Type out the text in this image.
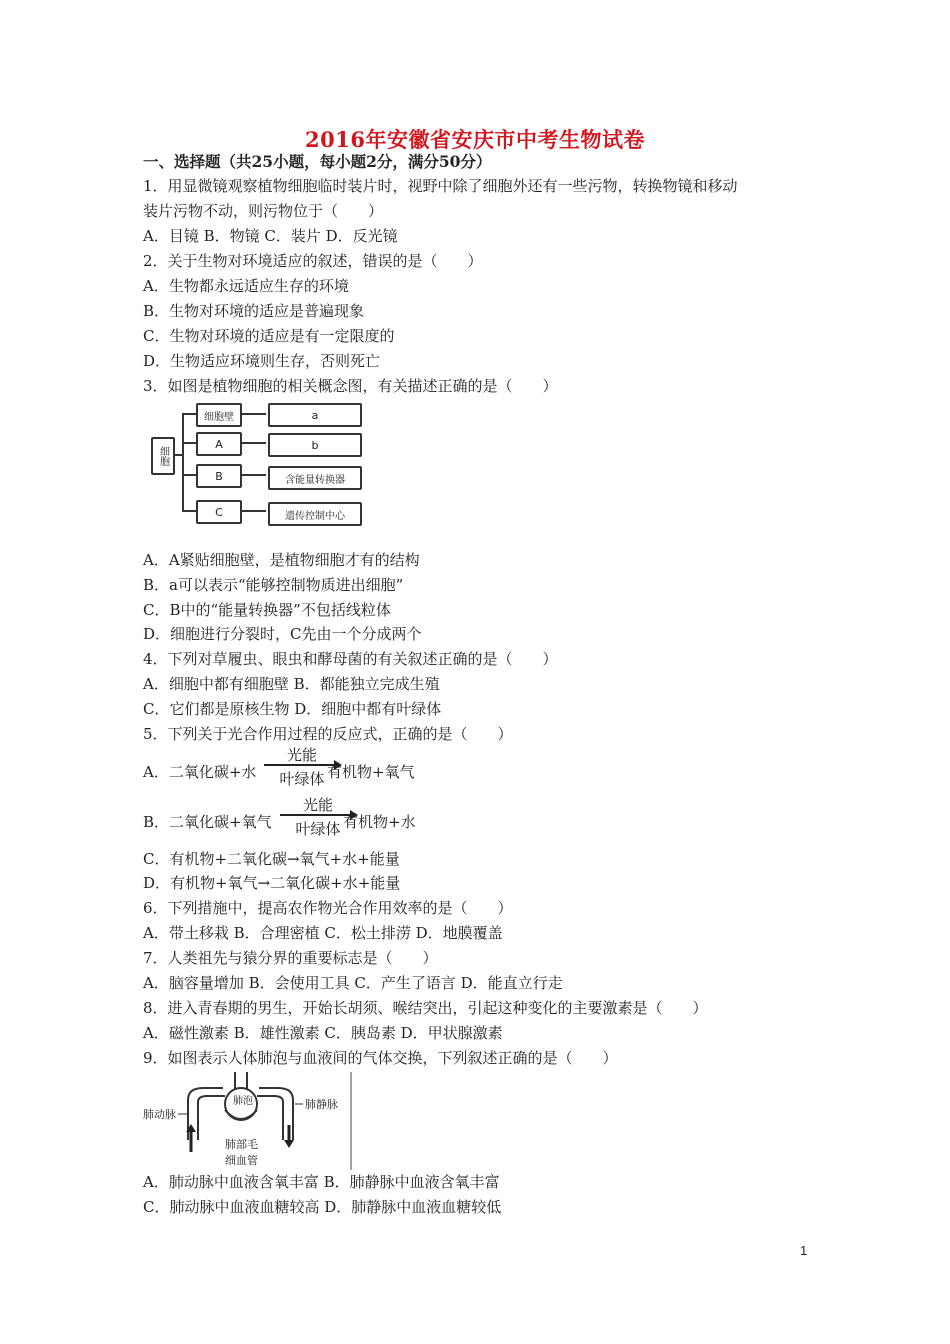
2016年安徽省安庆市中考生物试卷
一、选择题（共25小题，每小题2分，满分50分）
1．用显微镜观察植物细胞临时装片时，视野中除了细胞外还有一些污物，转换物镜和移动
装片污物不动，则污物位于（　　）
A．目镜 B．物镜 C．装片 D．反光镜
2．关于生物对环境适应的叙述，错误的是（　　）
A．生物都永远适应生存的环境
B．生物对环境的适应是普遍现象
C．生物对环境的适应是有一定限度的
D．生物适应环境则生存，否则死亡
3．如图是植物细胞的相关概念图，有关描述正确的是（　　）
细胞
细胞壁
A
B
C
a
b
含能量转换器
遗传控制中心
A．A紧贴细胞壁，是植物细胞才有的结构
B．a可以表示“能够控制物质进出细胞”
C．B中的“能量转换器”不包括线粒体
D．细胞进行分裂时，C先由一个分成两个
4．下列对草履虫、眼虫和酵母菌的有关叙述正确的是（　　）
A．细胞中都有细胞壁 B．都能独立完成生殖
C．它们都是原核生物 D．细胞中都有叶绿体
5．下列关于光合作用过程的反应式，正确的是（　　）
A．二氧化碳+水
光能
叶绿体 有机物+氧气
B．二氧化碳+氧气
光能
叶绿体 有机物+水
C．有机物+二氧化碳→氧气+水+能量
D．有机物+氧气→二氧化碳+水+能量
6．下列措施中，提高农作物光合作用效率的是（　　）
A．带土移栽 B．合理密植 C．松土排涝 D．地膜覆盖
7．人类祖先与猿分界的重要标志是（　　）
A．脑容量增加 B．会使用工具 C．产生了语言 D．能直立行走
8．进入青春期的男生，开始长胡须、喉结突出，引起这种变化的主要激素是（　　）
A．磁性激素 B．雄性激素 C．胰岛素 D．甲状腺激素
9．如图表示人体肺泡与血液间的气体交换，下列叙述正确的是（　　）
肺泡
肺动脉
肺静脉
肺部毛
细血管
A．肺动脉中血液含氧丰富 B．肺静脉中血液含氧丰富
C．肺动脉中血液血糖较高 D．肺静脉中血液血糖较低
1
